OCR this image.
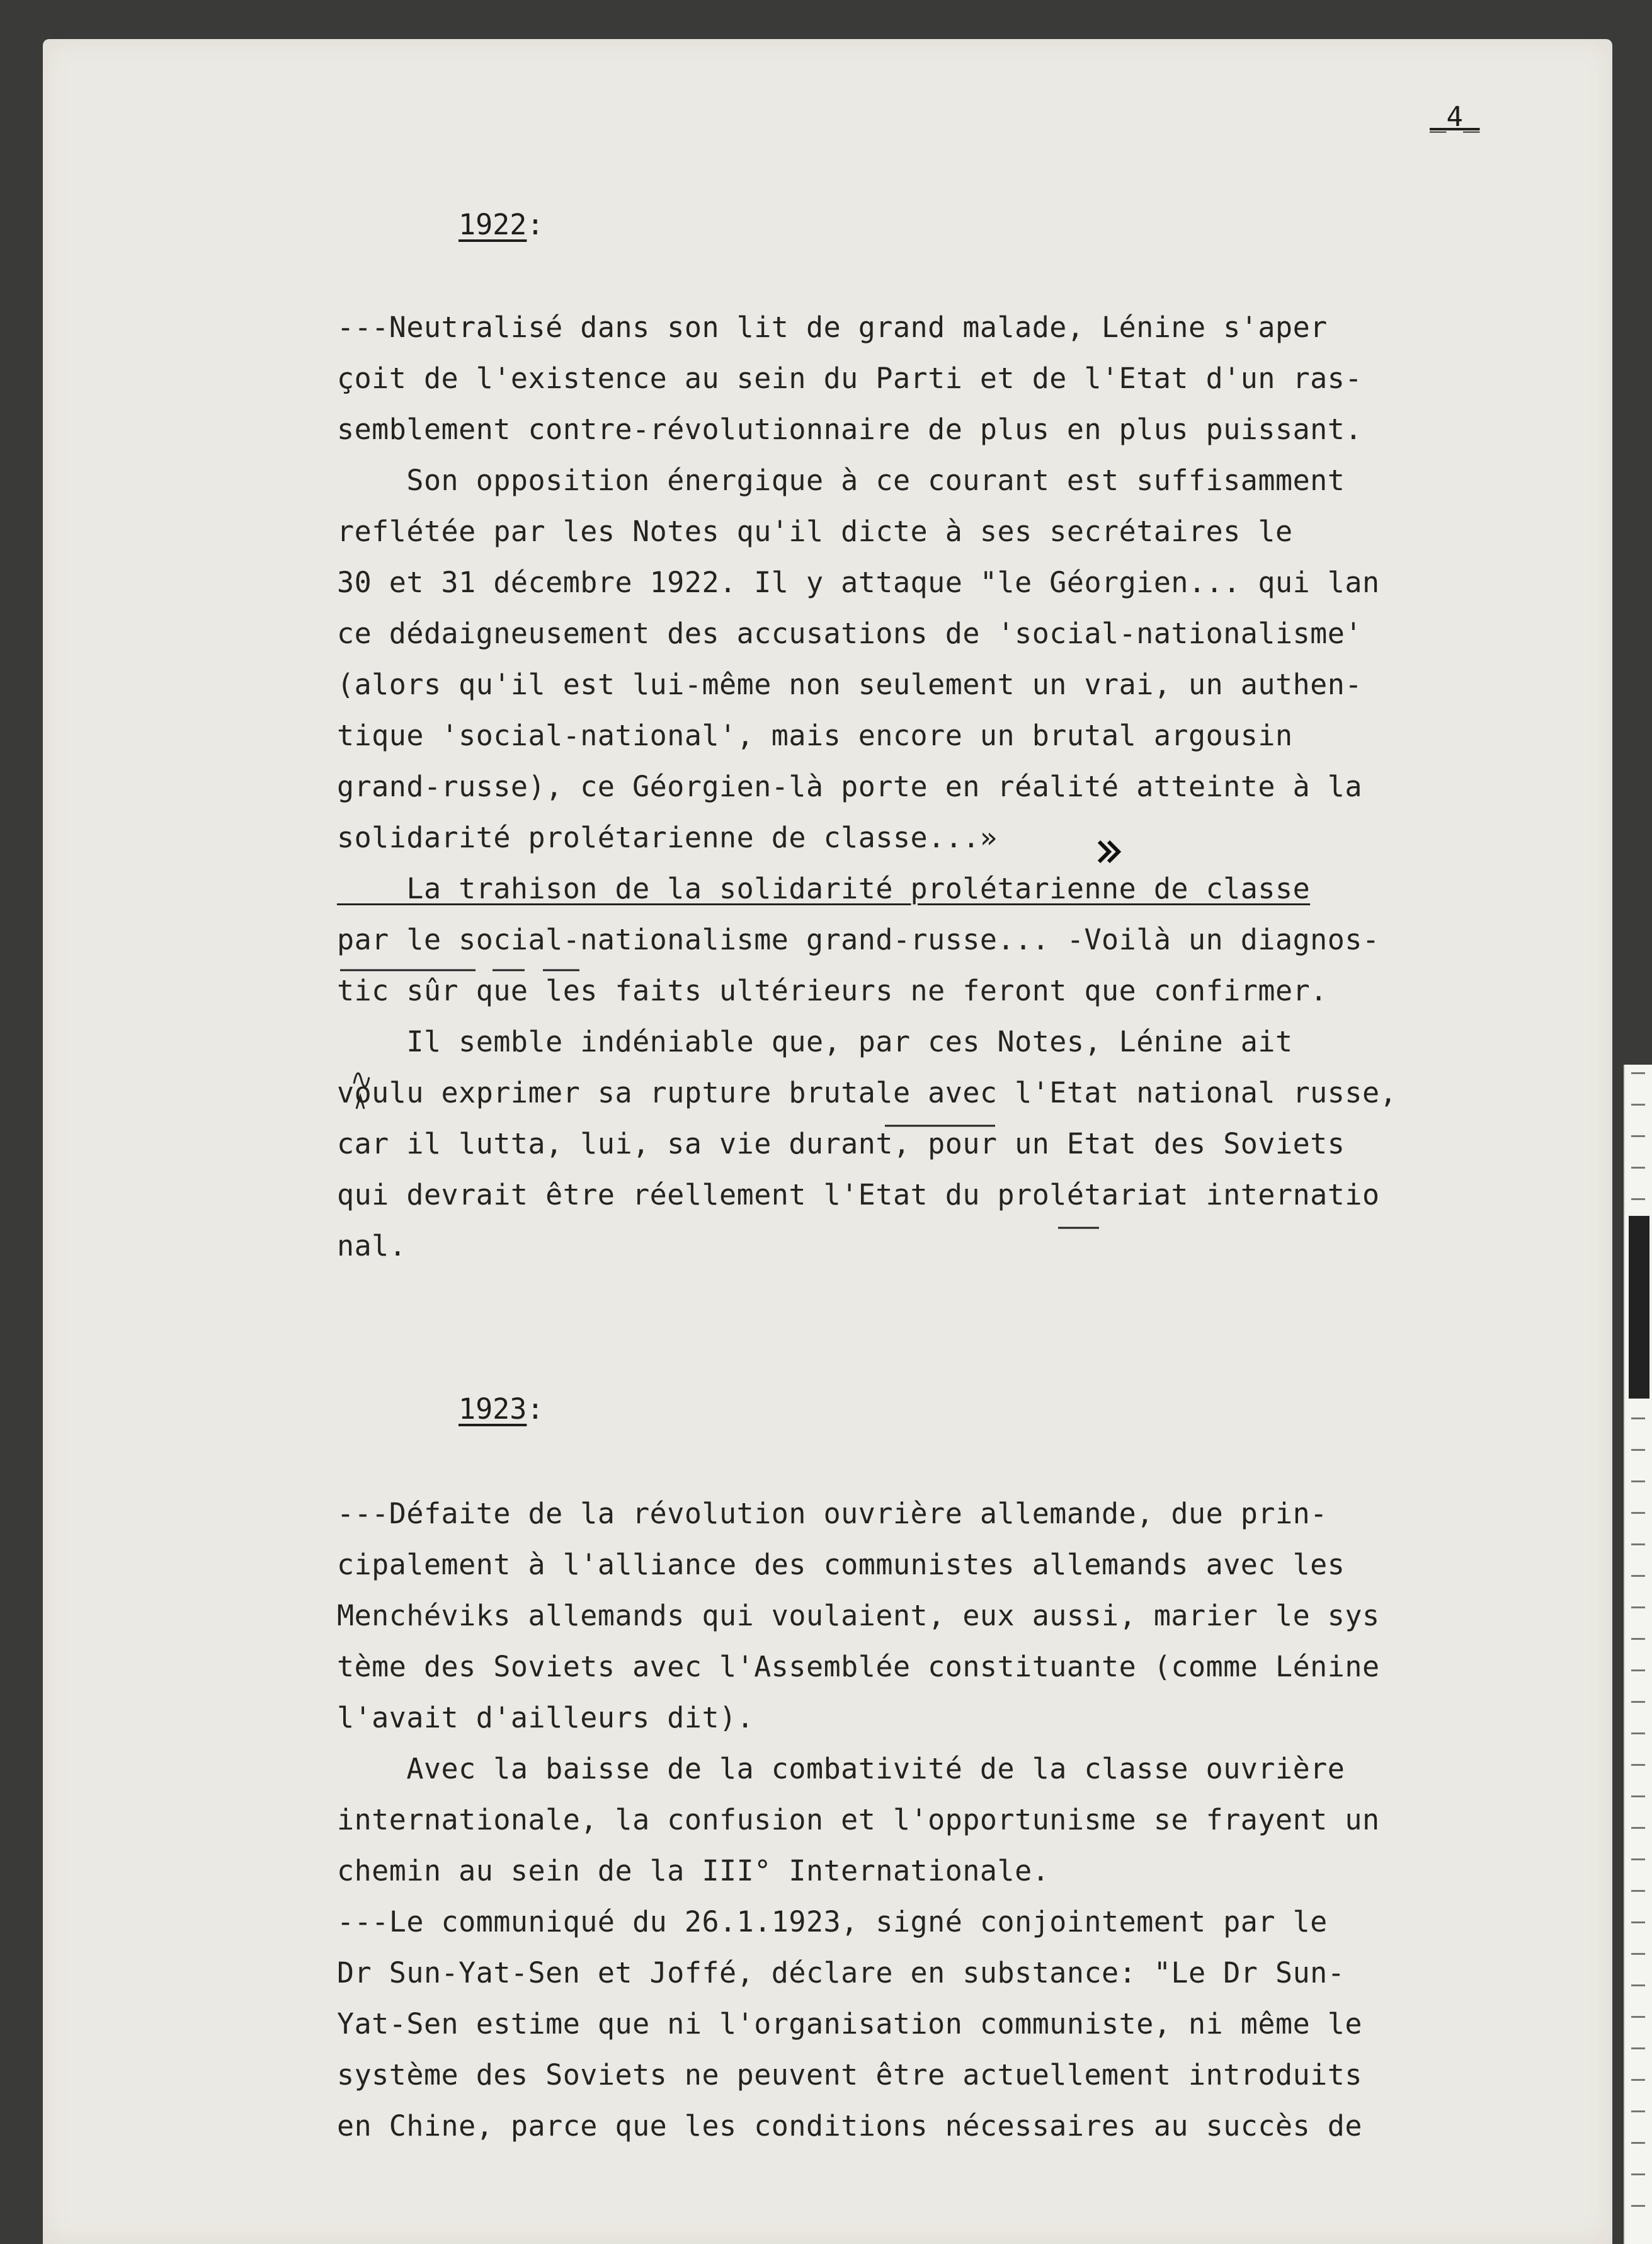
_4_
1922:
---Neutralisé dans son lit de grand malade, Lénine s'aper
çoit de l'existence au sein du Parti et de l'Etat d'un ras-
semblement contre-révolutionnaire de plus en plus puissant.
Son opposition énergique à ce courant est suffisamment
reflétée par les Notes qu'il dicte à ses secrétaires le
30 et 31 décembre 1922. Il y attaque "le Géorgien... qui lan
ce dédaigneusement des accusations de 'social-nationalisme'
(alors qu'il est lui-même non seulement un vrai, un authen-
tique 'social-national', mais encore un brutal argousin
grand-russe), ce Géorgien-là porte en réalité atteinte à la
solidarité prolétarienne de classe...»
La trahison de la solidarité prolétarienne de classe
par le social-nationalisme grand-russe... -Voilà un diagnos-
tic sûr que les faits ultérieurs ne feront que confirmer.
Il semble indéniable que, par ces Notes, Lénine ait
voulu exprimer sa rupture brutale avec l'Etat national russe,
car il lutta, lui, sa vie durant, pour un Etat des Soviets
qui devrait être réellement l'Etat du prolétariat internatio
nal.
1923:
---Défaite de la révolution ouvrière allemande, due prin-
cipalement à l'alliance des communistes allemands avec les
Menchéviks allemands qui voulaient, eux aussi, marier le sys
tème des Soviets avec l'Assemblée constituante (comme Lénine
l'avait d'ailleurs dit).
Avec la baisse de la combativité de la classe ouvrière
internationale, la confusion et l'opportunisme se frayent un
chemin au sein de la III° Internationale.
---Le communiqué du 26.1.1923, signé conjointement par le
Dr Sun-Yat-Sen et Joffé, déclare en substance: "Le Dr Sun-
Yat-Sen estime que ni l'organisation communiste, ni même le
système des Soviets ne peuvent être actuellement introduits
en Chine, parce que les conditions nécessaires au succès de
